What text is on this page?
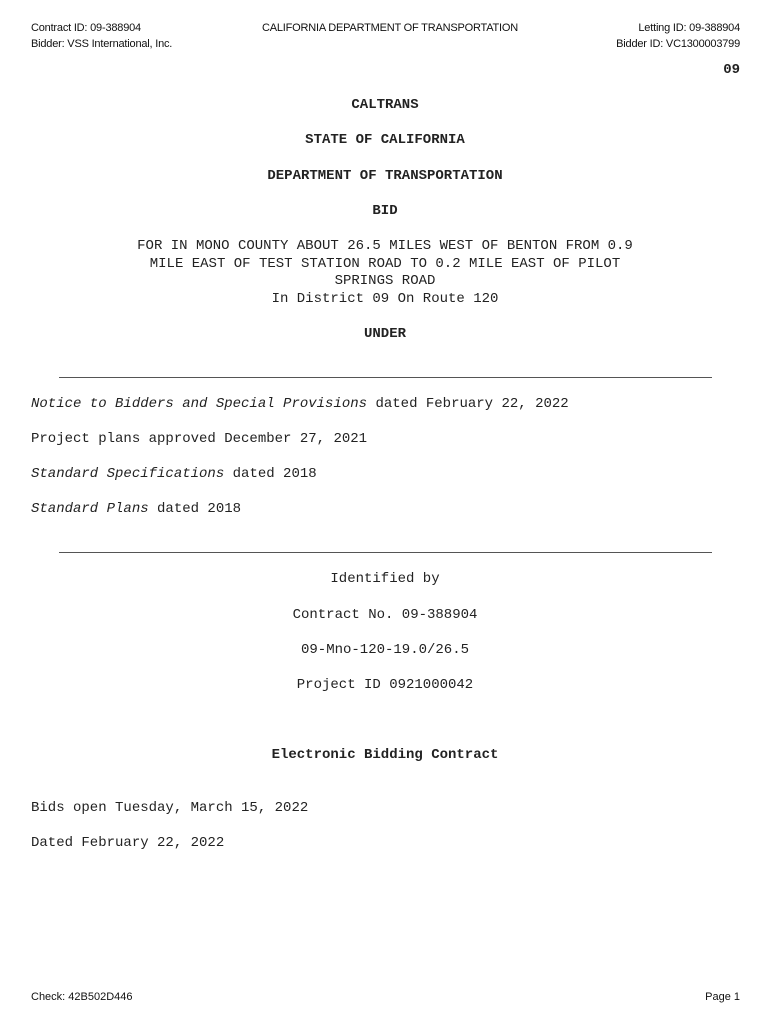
Contract ID: 09-388904
Bidder: VSS International, Inc.
CALIFORNIA DEPARTMENT OF TRANSPORTATION	Letting ID: 09-388904
Bidder ID: VC1300003799
09
CALTRANS
STATE OF CALIFORNIA
DEPARTMENT OF TRANSPORTATION
BID
FOR IN MONO COUNTY ABOUT 26.5 MILES WEST OF BENTON FROM 0.9
MILE EAST OF TEST STATION ROAD TO 0.2 MILE EAST OF PILOT
SPRINGS ROAD
In District 09 On Route 120
UNDER
Notice to Bidders and Special Provisions dated February 22, 2022
Project plans approved December 27, 2021
Standard Specifications dated 2018
Standard Plans dated 2018
Identified by
Contract No. 09-388904
09-Mno-120-19.0/26.5
Project ID 0921000042
Electronic Bidding Contract
Bids open Tuesday, March 15, 2022
Dated February 22, 2022
Check: 42B502D446	Page 1
